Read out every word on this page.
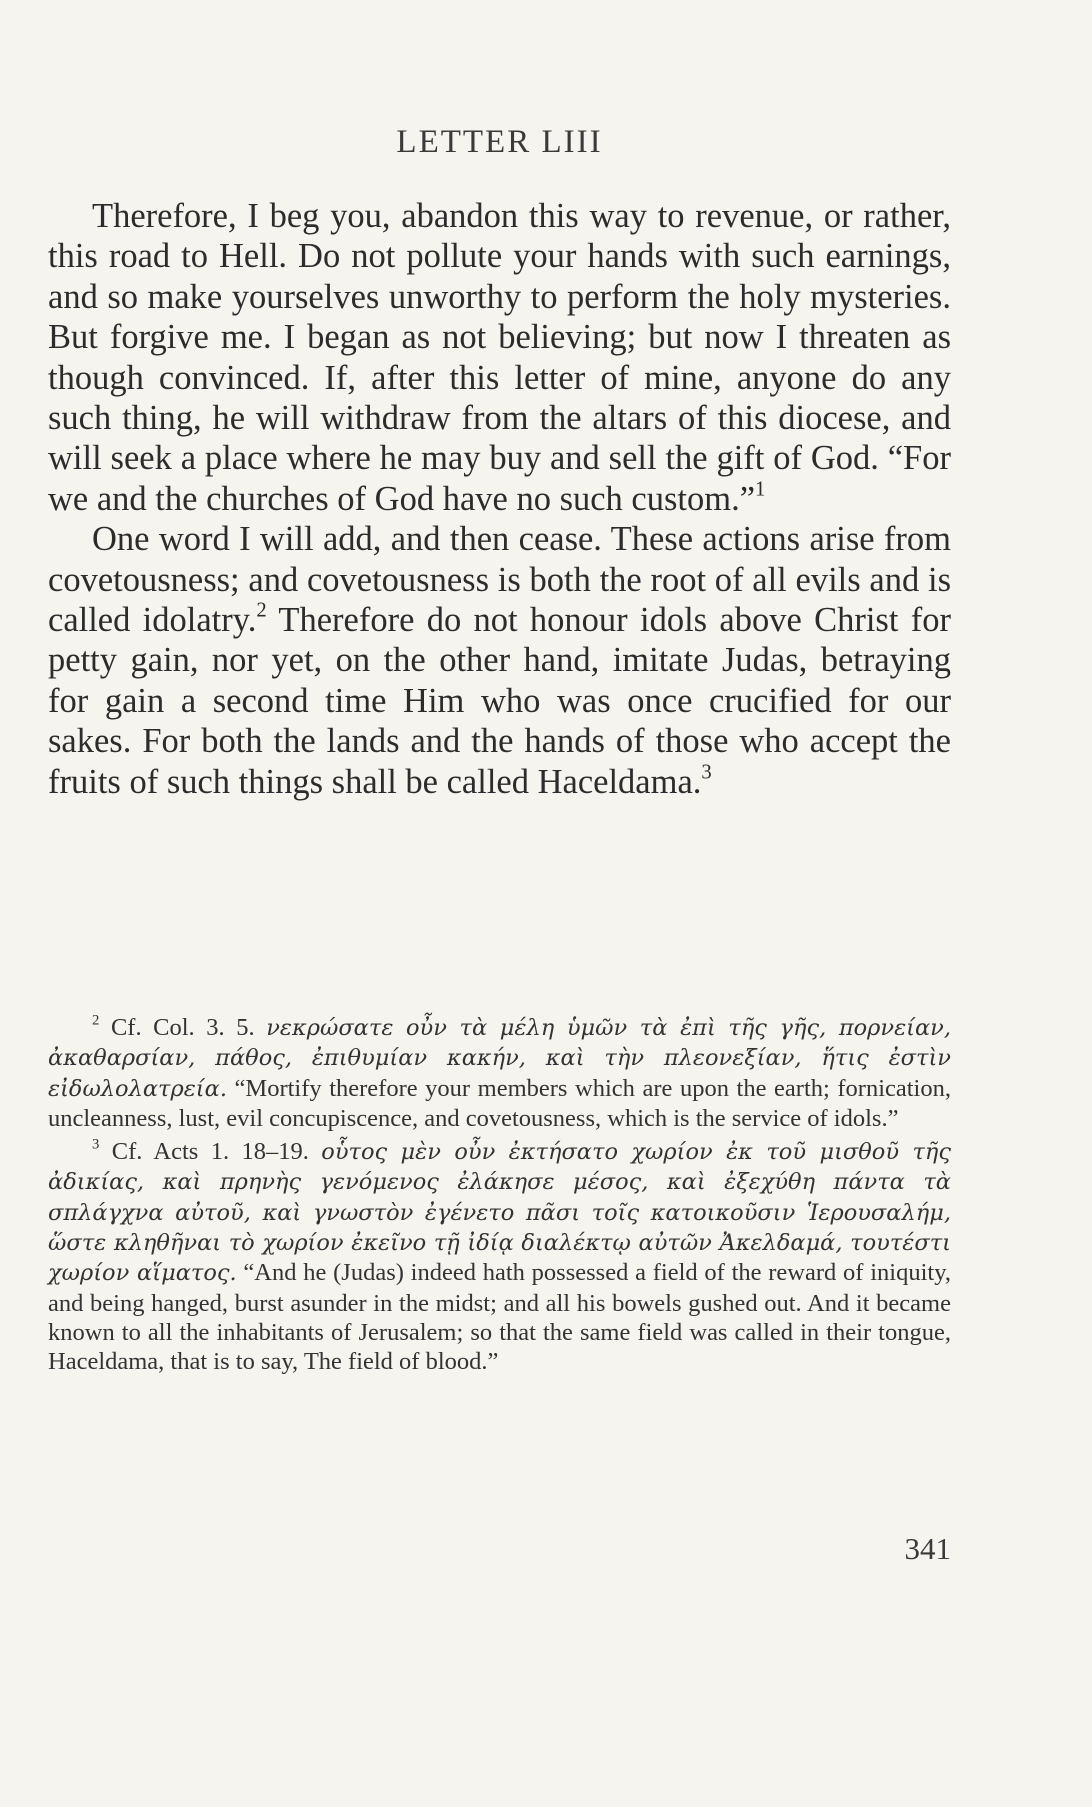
LETTER LIII

Therefore, I beg you, abandon this way to revenue, or rather, this road to Hell. Do not pollute your hands with such earnings, and so make yourselves unworthy to perform the holy mysteries. But forgive me. I began as not believing; but now I threaten as though convinced. If, after this letter of mine, anyone do any such thing, he will withdraw from the altars of this diocese, and will seek a place where he may buy and sell the gift of God. “For we and the churches of God have no such custom.”$^1$

One word I will add, and then cease. These actions arise from covetousness; and covetousness is both the root of all evils and is called idolatry.$^2$ Therefore do not honour idols above Christ for petty gain, nor yet, on the other hand, imitate Judas, betraying for gain a second time Him who was once crucified for our sakes. For both the lands and the hands of those who accept the fruits of such things shall be called Haceldama.$^3$

$^2$ Cf. Col. 3. 5. νεκρώσατε οὖν τὰ μέλη ὑμῶν τὰ ἐπὶ τῆς γῆς, πορνείαν, ἀκαθαρσίαν, πάθος, ἐπιθυμίαν κακήν, καὶ τὴν πλεονεξίαν, ἥτις ἐστὶν εἰδωλολατρεία. “Mortify therefore your members which are upon the earth; fornication, uncleanness, lust, evil concupiscence, and covetousness, which is the service of idols.”

$^3$ Cf. Acts 1. 18–19. οὗτος μὲν οὖν ἐκτήσατο χωρίον ἐκ τοῦ μισθοῦ τῆς ἀδικίας, καὶ πρηνὴς γενόμενος ἐλάκησε μέσος, καὶ ἐξεχύθη πάντα τὰ σπλάγχνα αὐτοῦ, καὶ γνωστὸν ἐγένετο πᾶσι τοῖς κατοικοῦσιν Ἱερουσαλήμ, ὥστε κληθῆναι τὸ χωρίον ἐκεῖνο τῇ ἰδίᾳ διαλέκτῳ αὐτῶν Ἀκελδαμά, τουτέστι χωρίον αἵματος. “And he (Judas) indeed hath possessed a field of the reward of iniquity, and being hanged, burst asunder in the midst; and all his bowels gushed out. And it became known to all the inhabitants of Jerusalem; so that the same field was called in their tongue, Haceldama, that is to say, The field of blood.”

341
